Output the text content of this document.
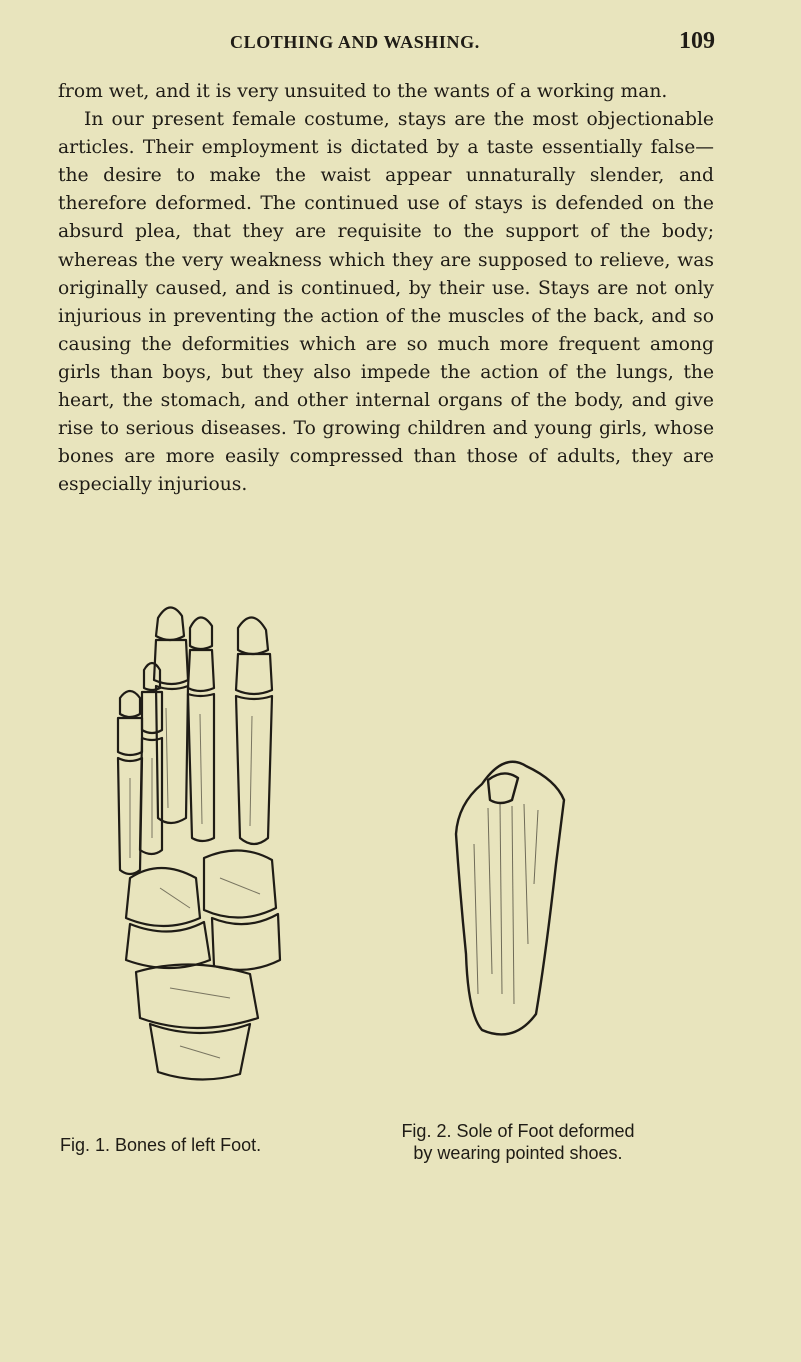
CLOTHING AND WASHING.	109

from wet, and it is very unsuited to the wants of a working man.

In our present female costume, stays are the most objectionable articles. Their employment is dictated by a taste essentially false—the desire to make the waist appear unnaturally slender, and therefore deformed. The continued use of stays is defended on the absurd plea, that they are requisite to the support of the body; whereas the very weakness which they are supposed to relieve, was originally caused, and is continued, by their use. Stays are not only injurious in preventing the action of the muscles of the back, and so causing the deformities which are so much more frequent among girls than boys, but they also impede the action of the lungs, the heart, the stomach, and other internal organs of the body, and give rise to serious diseases. To growing children and young girls, whose bones are more easily compressed than those of adults, they are especially injurious.

Fig. 1. Bones of left Foot.
Fig. 2. Sole of Foot deformed
by wearing pointed shoes.
